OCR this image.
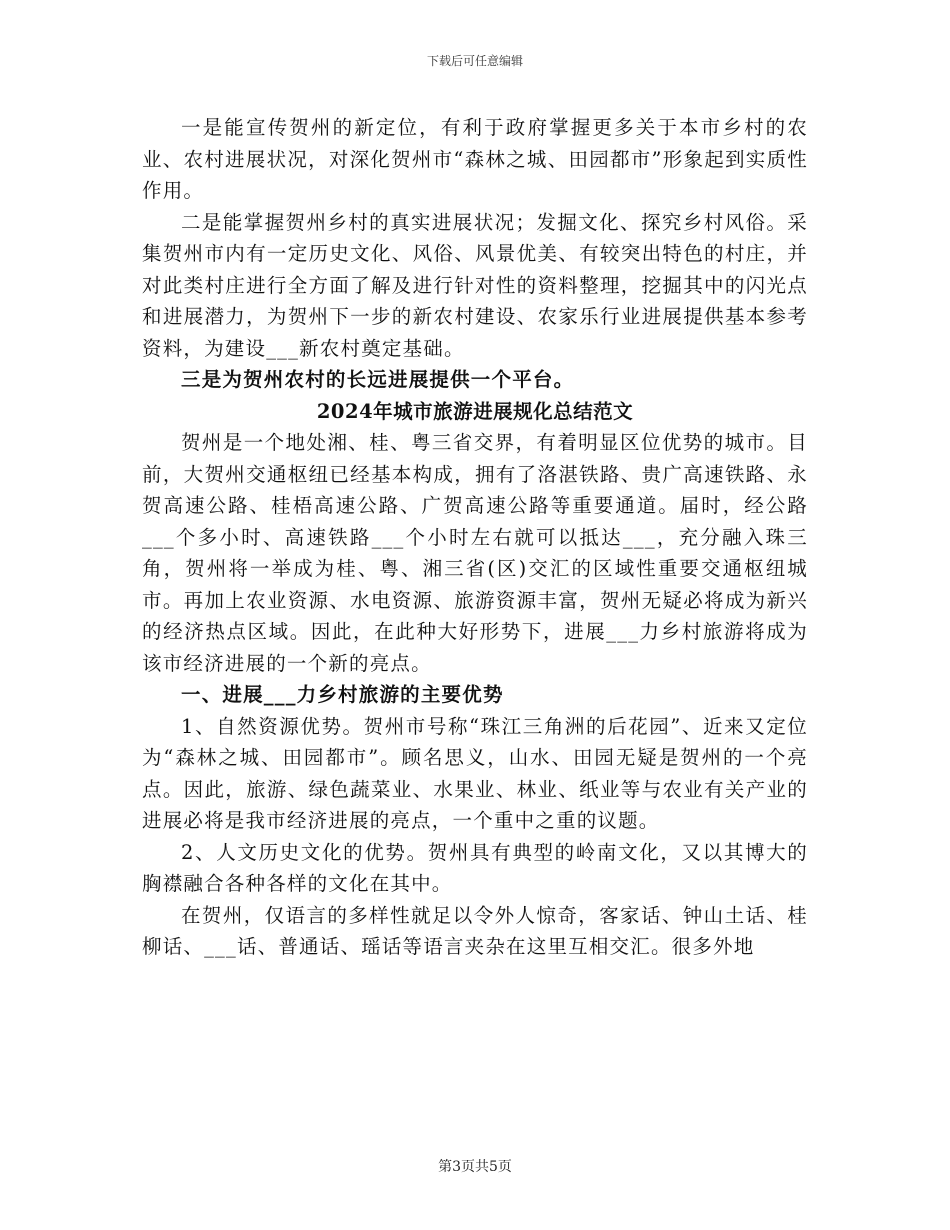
下载后可任意编辑

一是能宣传贺州的新定位，有利于政府掌握更多关于本市乡村的农业、农村进展状况，对深化贺州市“森林之城、田园都市”形象起到实质性作用。

二是能掌握贺州乡村的真实进展状况；发掘文化、探究乡村风俗。采集贺州市内有一定历史文化、风俗、风景优美、有较突出特色的村庄，并对此类村庄进行全方面了解及进行针对性的资料整理，挖掘其中的闪光点和进展潜力，为贺州下一步的新农村建设、农家乐行业进展提供基本参考资料，为建设___新农村奠定基础。

三是为贺州农村的长远进展提供一个平台。

2024年城市旅游进展规化总结范文

贺州是一个地处湘、桂、粤三省交界，有着明显区位优势的城市。目前，大贺州交通枢纽已经基本构成，拥有了洛湛铁路、贵广高速铁路、永贺高速公路、桂梧高速公路、广贺高速公路等重要通道。届时，经公路___个多小时、高速铁路___个小时左右就可以抵达___，充分融入珠三角，贺州将一举成为桂、粤、湘三省(区)交汇的区域性重要交通枢纽城市。再加上农业资源、水电资源、旅游资源丰富，贺州无疑必将成为新兴的经济热点区域。因此，在此种大好形势下，进展___力乡村旅游将成为该市经济进展的一个新的亮点。

一、进展___力乡村旅游的主要优势

1、自然资源优势。贺州市号称“珠江三角洲的后花园”、近来又定位为“森林之城、田园都市”。顾名思义，山水、田园无疑是贺州的一个亮点。因此，旅游、绿色蔬菜业、水果业、林业、纸业等与农业有关产业的进展必将是我市经济进展的亮点，一个重中之重的议题。

2、人文历史文化的优势。贺州具有典型的岭南文化，又以其博大的胸襟融合各种各样的文化在其中。

在贺州，仅语言的多样性就足以令外人惊奇，客家话、钟山土话、桂柳话、___话、普通话、瑶话等语言夹杂在这里互相交汇。很多外地

第3页共5页
